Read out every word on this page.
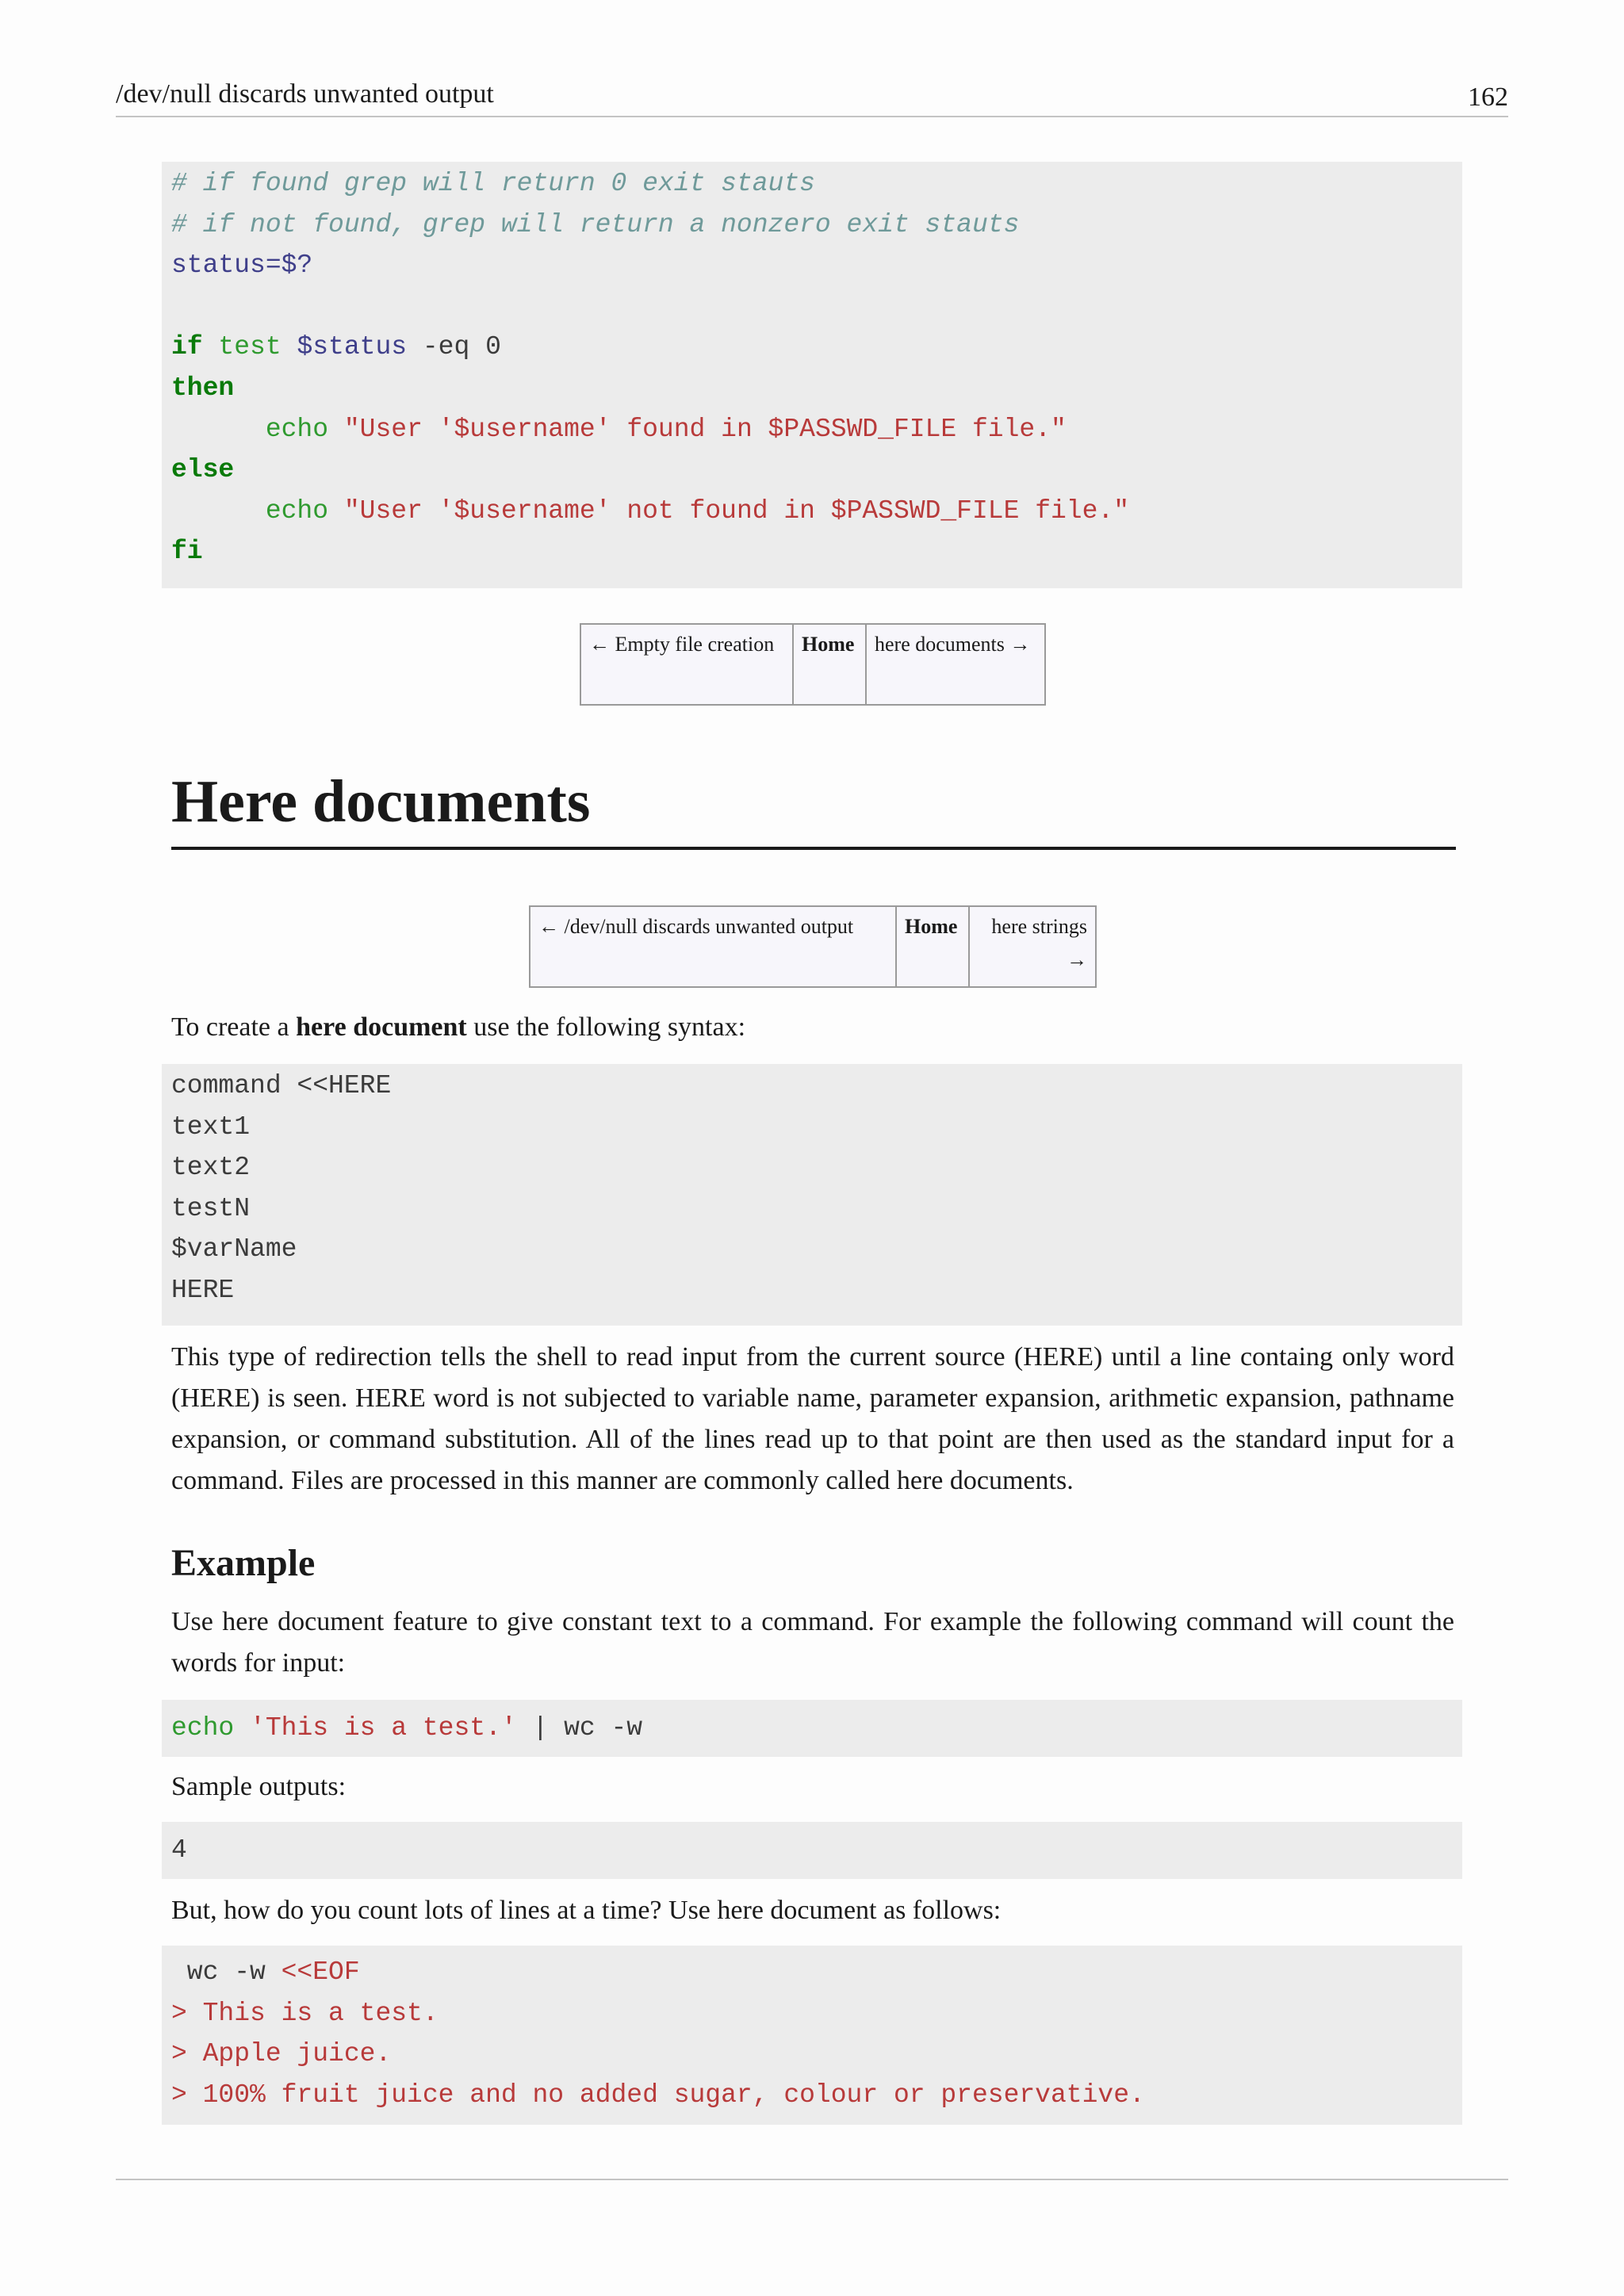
/dev/null discards unwanted output	162
# if found grep will return 0 exit stauts
# if not found, grep will return a nonzero exit stauts
status=$?
if test $status -eq 0
then
echo "User '$username' found in $PASSWD_FILE file."
else
echo "User '$username' not found in $PASSWD_FILE file."
fi
← Empty file creation	Home	here documents →
Here documents
← /dev/null discards unwanted output	Home	here strings →
To create a here document use the following syntax:
command <<HERE
text1
text2
testN
$varName
HERE
This type of redirection tells the shell to read input from the current source (HERE) until a line containg only word (HERE) is seen. HERE word is not subjected to variable name, parameter expansion, arithmetic expansion, pathname expansion, or command substitution. All of the lines read up to that point are then used as the standard input for a command. Files are processed in this manner are commonly called here documents.
Example
Use here document feature to give constant text to a command. For example the following command will count the words for input:
echo 'This is a test.' | wc -w
Sample outputs:
4
But, how do you count lots of lines at a time? Use here document as follows:
wc -w <<EOF
> This is a test.
> Apple juice.
> 100% fruit juice and no added sugar, colour or preservative.
